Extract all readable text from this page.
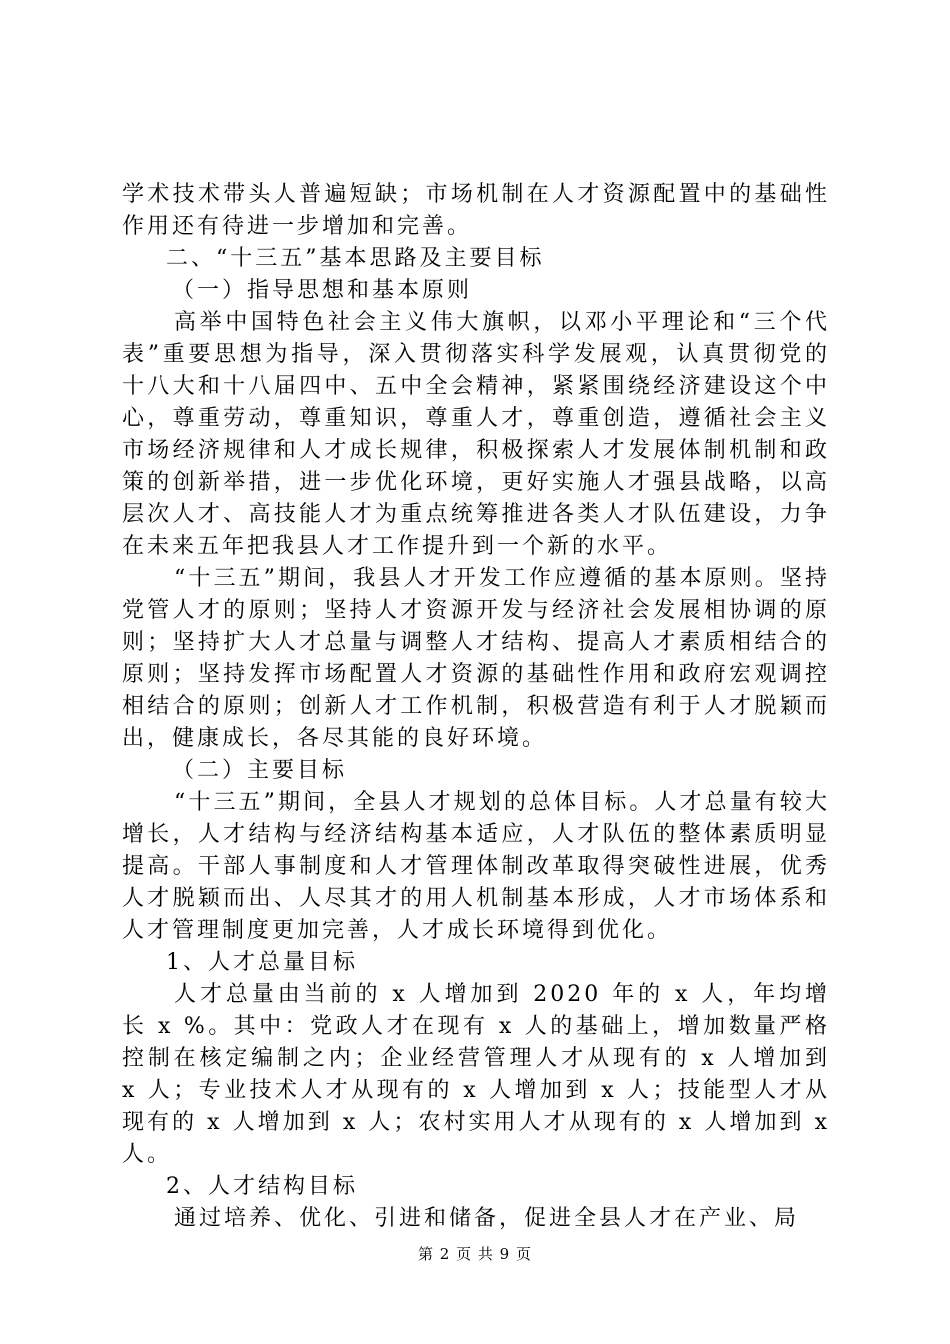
学术技术带头人普遍短缺；市场机制在人才资源配置中的基础性作用还有待进一步增加和完善。

二、“十三五”基本思路及主要目标

（一）指导思想和基本原则

高举中国特色社会主义伟大旗帜，以邓小平理论和“三个代表”重要思想为指导，深入贯彻落实科学发展观，认真贯彻党的十八大和十八届四中、五中全会精神，紧紧围绕经济建设这个中心，尊重劳动，尊重知识，尊重人才，尊重创造，遵循社会主义市场经济规律和人才成长规律，积极探索人才发展体制机制和政策的创新举措，进一步优化环境，更好实施人才强县战略，以高层次人才、高技能人才为重点统筹推进各类人才队伍建设，力争在未来五年把我县人才工作提升到一个新的水平。

“十三五”期间，我县人才开发工作应遵循的基本原则。坚持党管人才的原则；坚持人才资源开发与经济社会发展相协调的原则；坚持扩大人才总量与调整人才结构、提高人才素质相结合的原则；坚持发挥市场配置人才资源的基础性作用和政府宏观调控相结合的原则；创新人才工作机制，积极营造有利于人才脱颖而出，健康成长，各尽其能的良好环境。

（二）主要目标

“十三五”期间，全县人才规划的总体目标。人才总量有较大增长，人才结构与经济结构基本适应，人才队伍的整体素质明显提高。干部人事制度和人才管理体制改革取得突破性进展，优秀人才脱颖而出、人尽其才的用人机制基本形成，人才市场体系和人才管理制度更加完善，人才成长环境得到优化。

1、人才总量目标

人才总量由当前的 x 人增加到 2020 年的 x 人，年均增长 x %。其中：党政人才在现有 x 人的基础上，增加数量严格控制在核定编制之内；企业经营管理人才从现有的 x 人增加到 x 人；专业技术人才从现有的 x 人增加到 x 人；技能型人才从现有的 x 人增加到 x 人；农村实用人才从现有的 x 人增加到 x 人。

2、人才结构目标

通过培养、优化、引进和储备，促进全县人才在产业、局

第 2 页 共 9 页
